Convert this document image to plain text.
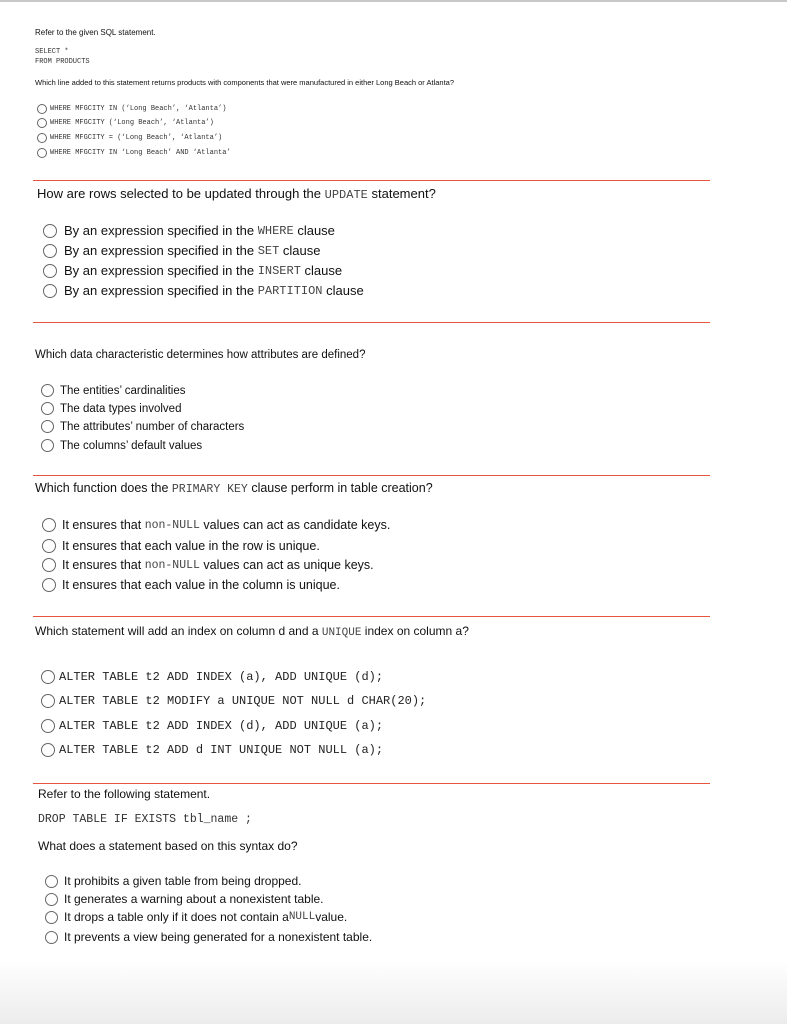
Refer to the given SQL statement.
SELECT *
FROM PRODUCTS
Which line added to this statement returns products with components that were manufactured in either Long Beach or Atlanta?
WHERE MFGCITY IN (‘Long Beach’, ‘Atlanta’)
WHERE MFGCITY (‘Long Beach’, ‘Atlanta’)
WHERE MFGCITY = (‘Long Beach’, ‘Atlanta’)
WHERE MFGCITY IN ‘Long Beach’ AND ‘Atlanta’
How are rows selected to be updated through the UPDATE statement?
By an expression specified in the
WHERE
clause
By an expression specified in the
SET
clause
By an expression specified in the
INSERT
clause
By an expression specified in the
PARTITION
clause
Which data characteristic determines how attributes are defined?
The entities’ cardinalities
The data types involved
The attributes’ number of characters
The columns’ default values
Which function does the PRIMARY KEY clause perform in table creation?
It ensures that
non-NULL
values can act as candidate keys.
It ensures that each value in the row is unique.
It ensures that
non-NULL
values can act as unique keys.
It ensures that each value in the column is unique.
Which statement will add an index on column d and a UNIQUE index on column a?
ALTER TABLE t2 ADD INDEX (a), ADD UNIQUE (d);
ALTER TABLE t2 MODIFY a UNIQUE NOT NULL d CHAR(20);
ALTER TABLE t2 ADD INDEX (d), ADD UNIQUE (a);
ALTER TABLE t2 ADD d INT UNIQUE NOT NULL (a);
Refer to the following statement.
DROP TABLE IF EXISTS tbl_name ;
What does a statement based on this syntax do?
It prohibits a given table from being dropped.
It generates a warning about a nonexistent table.
It drops a table only if it does not contain a NULL value.
It prevents a view being generated for a nonexistent table.
